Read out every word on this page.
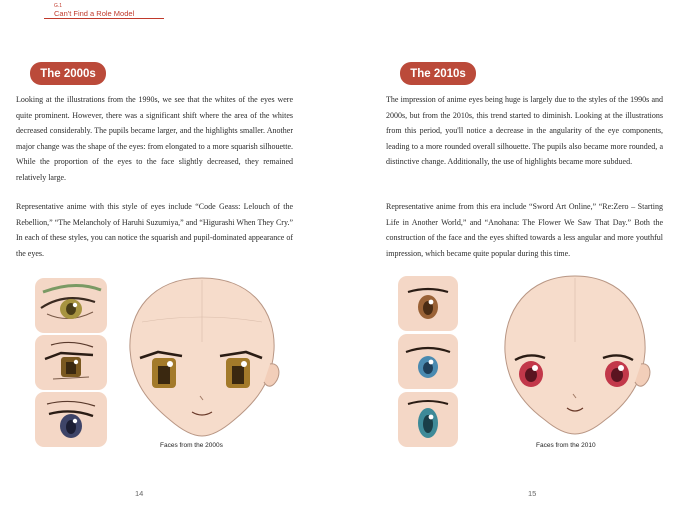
G.1
Can't Find a Role Model
The 2000s

Looking at the illustrations from the 1990s, we see that the whites of the eyes were quite prominent. However, there was a significant shift where the area of the whites decreased considerably. The pupils became larger, and the highlights smaller. Another major change was the shape of the eyes: from elongated to a more squarish silhouette. While the proportion of the eyes to the face slightly decreased, they remained relatively large.

Representative anime with this style of eyes include “Code Geass: Lelouch of the Rebellion,” “The Melancholy of Haruhi Suzumiya,” and “Higurashi When They Cry.” In each of these styles, you can notice the squarish and pupil-dominated appearance of the eyes.

Faces from the 2000s
14
The 2010s

The impression of anime eyes being huge is largely due to the styles of the 1990s and 2000s, but from the 2010s, this trend started to diminish. Looking at the illustrations from this period, you'll notice a decrease in the angularity of the eye components, leading to a more rounded overall silhouette. The pupils also became more rounded, a distinctive change. Additionally, the use of highlights became more subdued.

Representative anime from this era include “Sword Art Online,” “Re:Zero – Starting Life in Another World,” and “Anohana: The Flower We Saw That Day.” Both the construction of the face and the eyes shifted towards a less angular and more youthful impression, which became quite popular during this time.

Faces from the 2010
15
